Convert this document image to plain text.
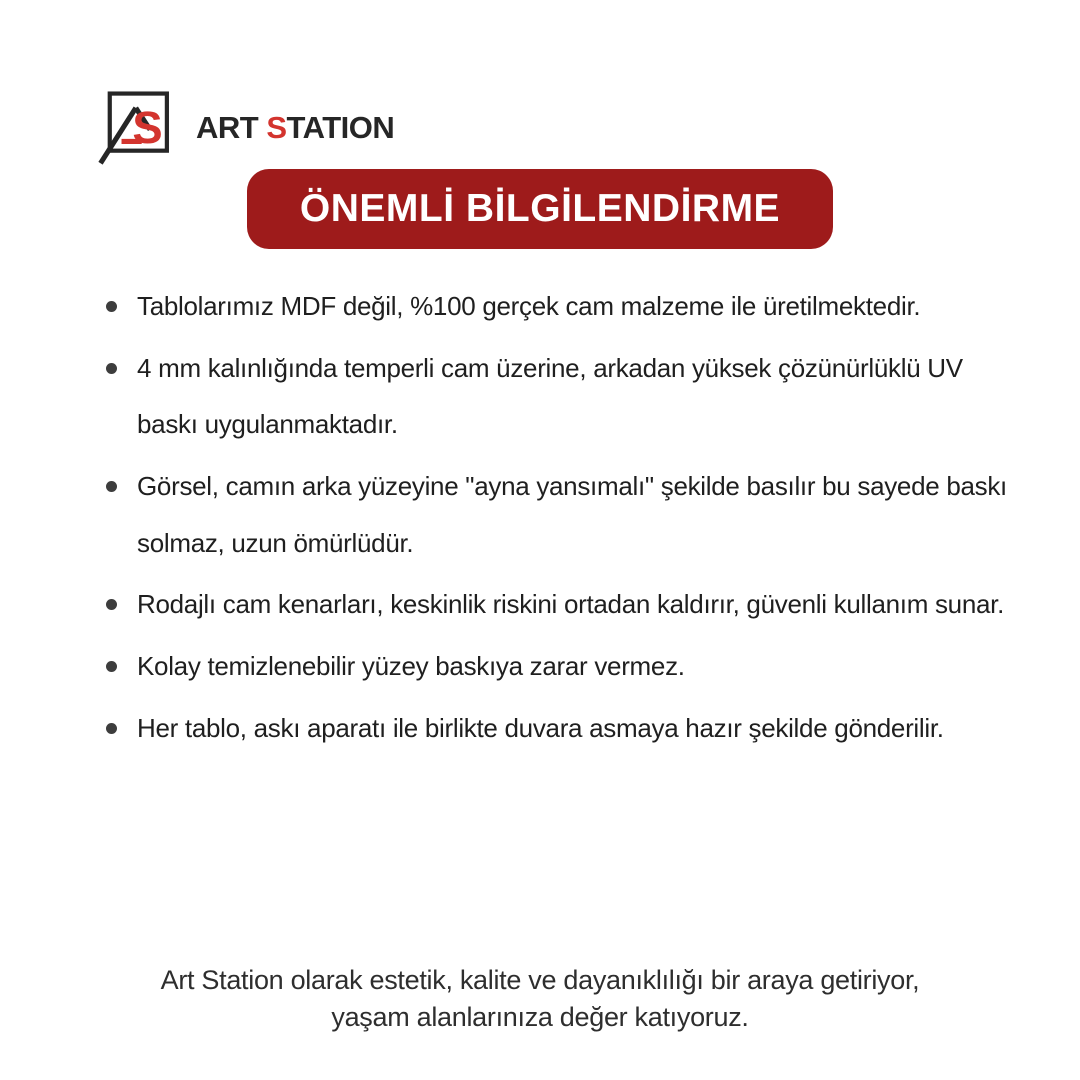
S ART STATION
ÖNEMLİ BİLGİLENDİRME
Tablolarımız MDF değil, %100 gerçek cam malzeme ile üretilmektedir.
4 mm kalınlığında temperli cam üzerine, arkadan yüksek çözünürlüklü UV baskı uygulanmaktadır.
Görsel, camın arka yüzeyine "ayna yansımalı" şekilde basılır bu sayede baskı solmaz, uzun ömürlüdür.
Rodajlı cam kenarları, keskinlik riskini ortadan kaldırır, güvenli kullanım sunar.
Kolay temizlenebilir yüzey baskıya zarar vermez.
Her tablo, askı aparatı ile birlikte duvara asmaya hazır şekilde gönderilir.
Art Station olarak estetik, kalite ve dayanıklılığı bir araya getiriyor,
yaşam alanlarınıza değer katıyoruz.
